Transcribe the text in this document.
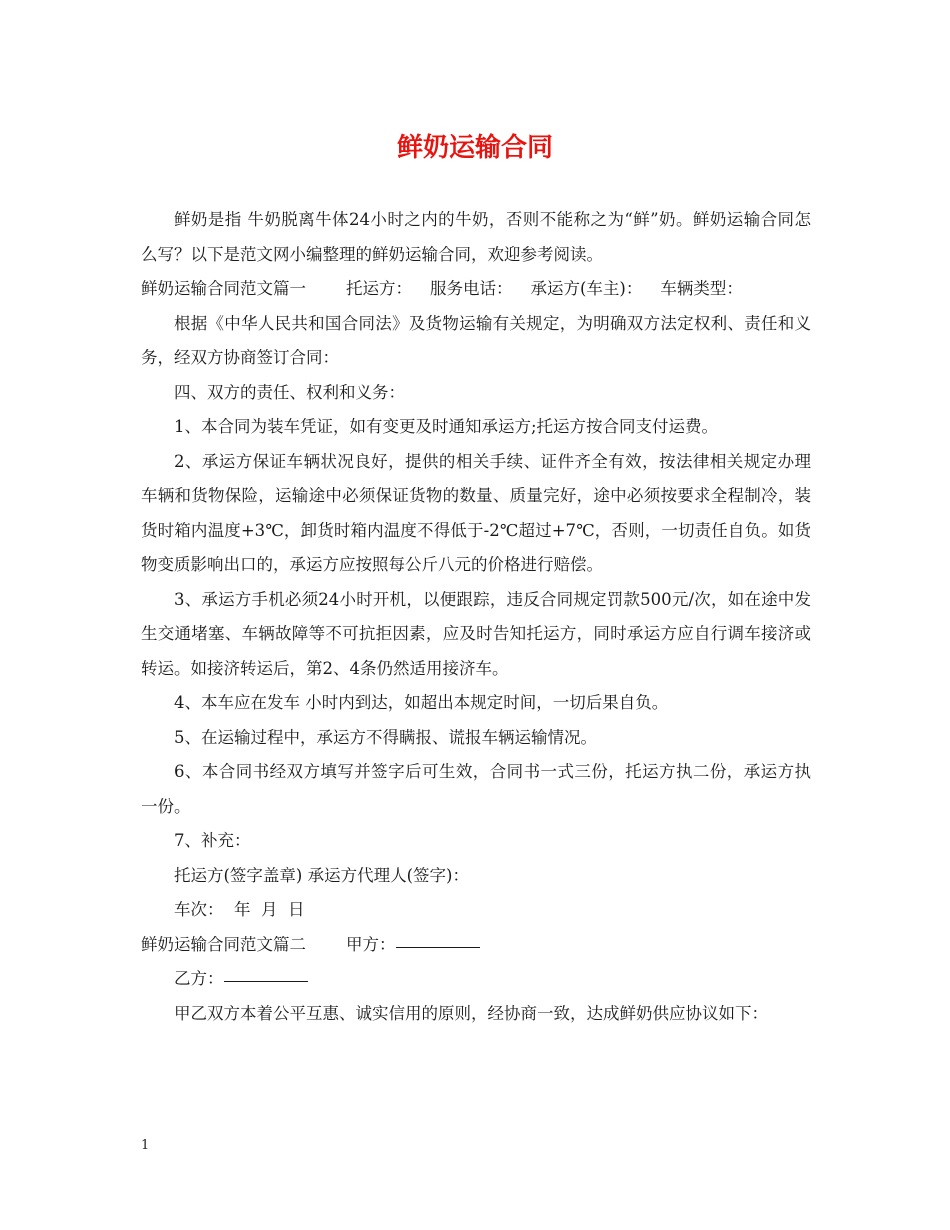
鲜奶运输合同

鲜奶是指 牛奶脱离牛体24小时之内的牛奶，否则不能称之为“鲜”奶。鲜奶运输合同怎么写？以下是范文网小编整理的鲜奶运输合同，欢迎参考阅读。

鲜奶运输合同范文篇一 托运方： 服务电话： 承运方(车主)： 车辆类型：

根据《中华人民共和国合同法》及货物运输有关规定，为明确双方法定权利、责任和义务，经双方协商签订合同：

四、双方的责任、权利和义务：

1、本合同为装车凭证，如有变更及时通知承运方;托运方按合同支付运费。

2、承运方保证车辆状况良好，提供的相关手续、证件齐全有效，按法律相关规定办理车辆和货物保险，运输途中必须保证货物的数量、质量完好，途中必须按要求全程制冷，装货时箱内温度+3℃，卸货时箱内温度不得低于-2℃超过+7℃，否则，一切责任自负。如货物变质影响出口的，承运方应按照每公斤八元的价格进行赔偿。

3、承运方手机必须24小时开机，以便跟踪，违反合同规定罚款500元/次，如在途中发生交通堵塞、车辆故障等不可抗拒因素，应及时告知托运方，同时承运方应自行调车接济或转运。如接济转运后，第2、4条仍然适用接济车。

4、本车应在发车 小时内到达，如超出本规定时间，一切后果自负。

5、在运输过程中，承运方不得瞒报、谎报车辆运输情况。

6、本合同书经双方填写并签字后可生效，合同书一式三份，托运方执二份，承运方执一份。

7、补充：

托运方(签字盖章) 承运方代理人(签字)：

车次：  年  月  日

鲜奶运输合同范文篇二 甲方：

乙方：

甲乙双方本着公平互惠、诚实信用的原则，经协商一致，达成鲜奶供应协议如下：

1
